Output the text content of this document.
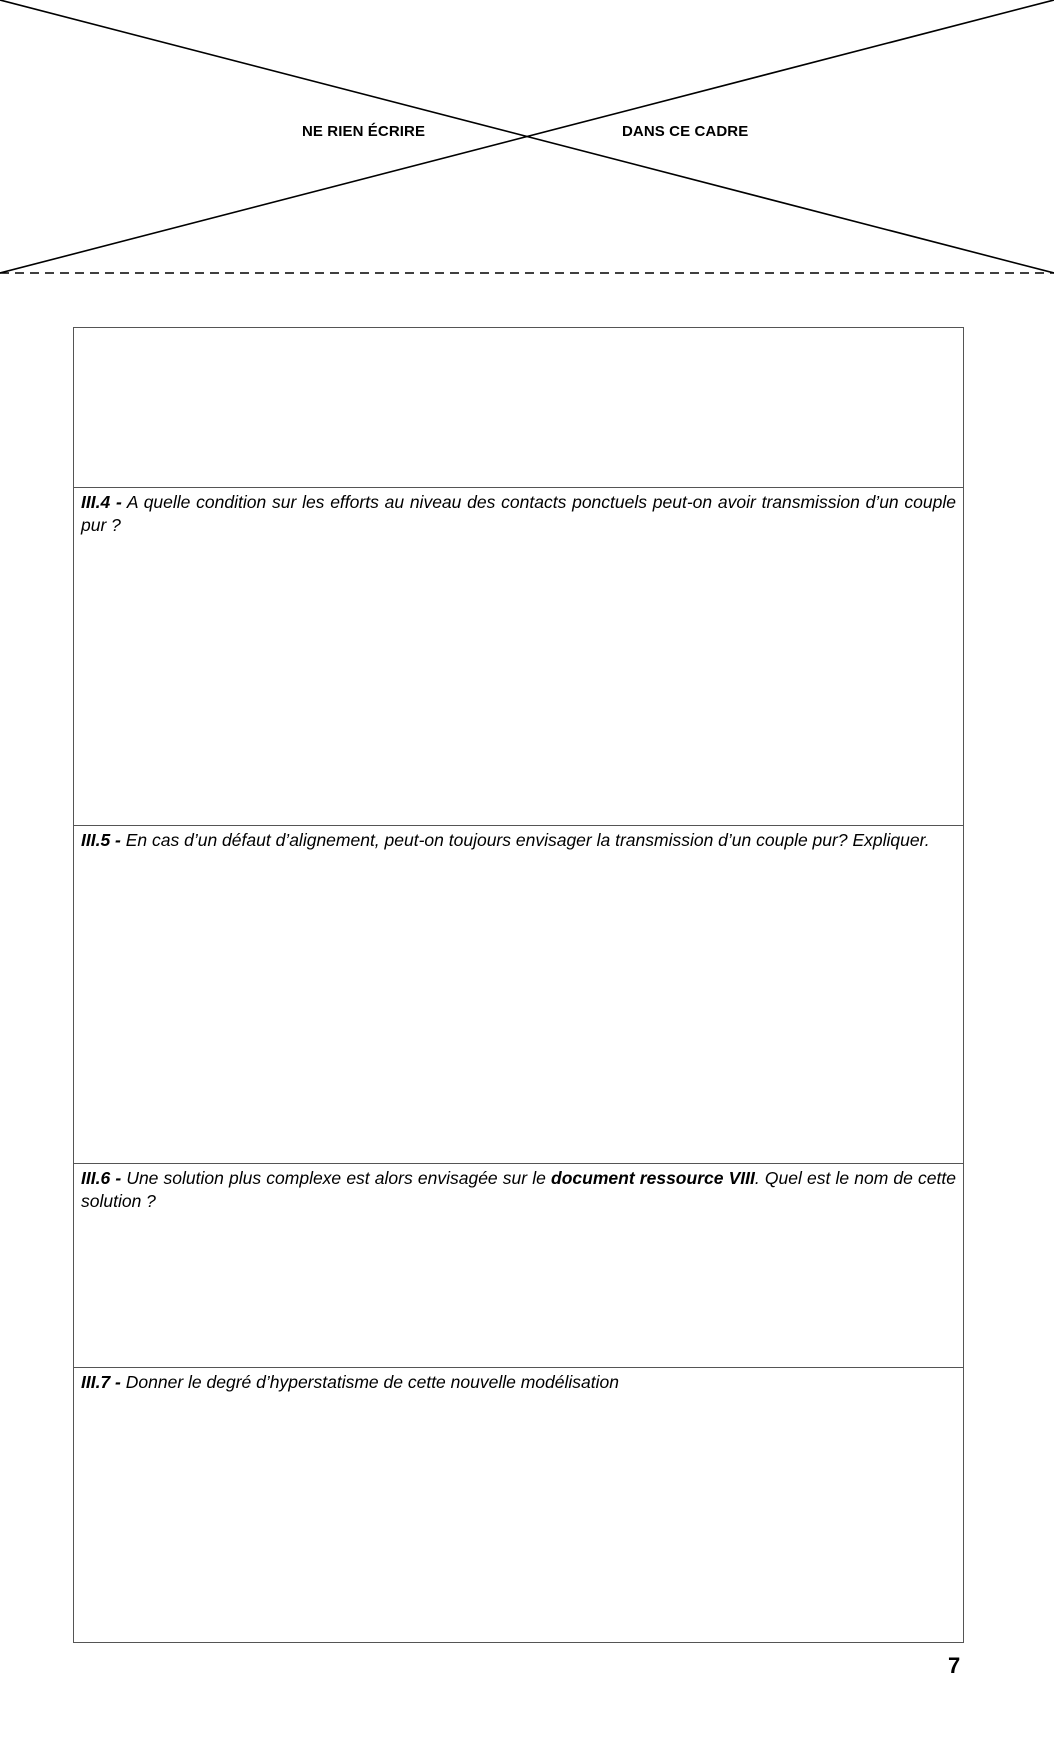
NE RIEN ÉCRIRE	DANS CE CADRE
III.4 - A quelle condition sur les efforts au niveau des contacts ponctuels peut-on avoir transmission d’un couple pur ?
III.5 - En cas d’un défaut d’alignement, peut-on toujours envisager la transmission d’un couple pur? Expliquer.
III.6 - Une solution plus complexe est alors envisagée sur le document ressource VIII. Quel est le nom de cette solution ?
III.7 - Donner le degré d’hyperstatisme de cette nouvelle modélisation
7
